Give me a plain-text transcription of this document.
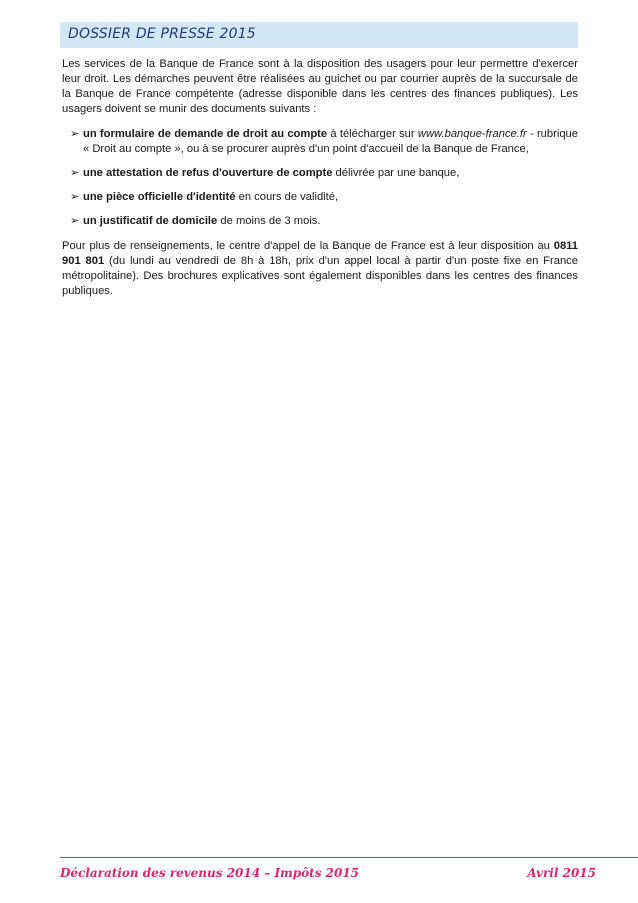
DOSSIER DE PRESSE 2015

Les services de la Banque de France sont à la disposition des usagers pour leur permettre d'exercer leur droit. Les démarches peuvent être réalisées au guichet ou par courrier auprès de la succursale de la Banque de France compétente (adresse disponible dans les centres des finances publiques). Les usagers doivent se munir des documents suivants :

➢ un formulaire de demande de droit au compte à télécharger sur www.banque-france.fr - rubrique « Droit au compte », ou à se procurer auprès d'un point d'accueil de la Banque de France,
➢ une attestation de refus d'ouverture de compte délivrée par une banque,
➢ une pièce officielle d'identité en cours de validité,
➢ un justificatif de domicile de moins de 3 mois.

Pour plus de renseignements, le centre d'appel de la Banque de France est à leur disposition au 0811 901 801 (du lundi au vendredi de 8h à 18h, prix d'un appel local à partir d'un poste fixe en France métropolitaine). Des brochures explicatives sont également disponibles dans les centres des finances publiques.

Déclaration des revenus 2014 – Impôts 2015	Avril 2015
